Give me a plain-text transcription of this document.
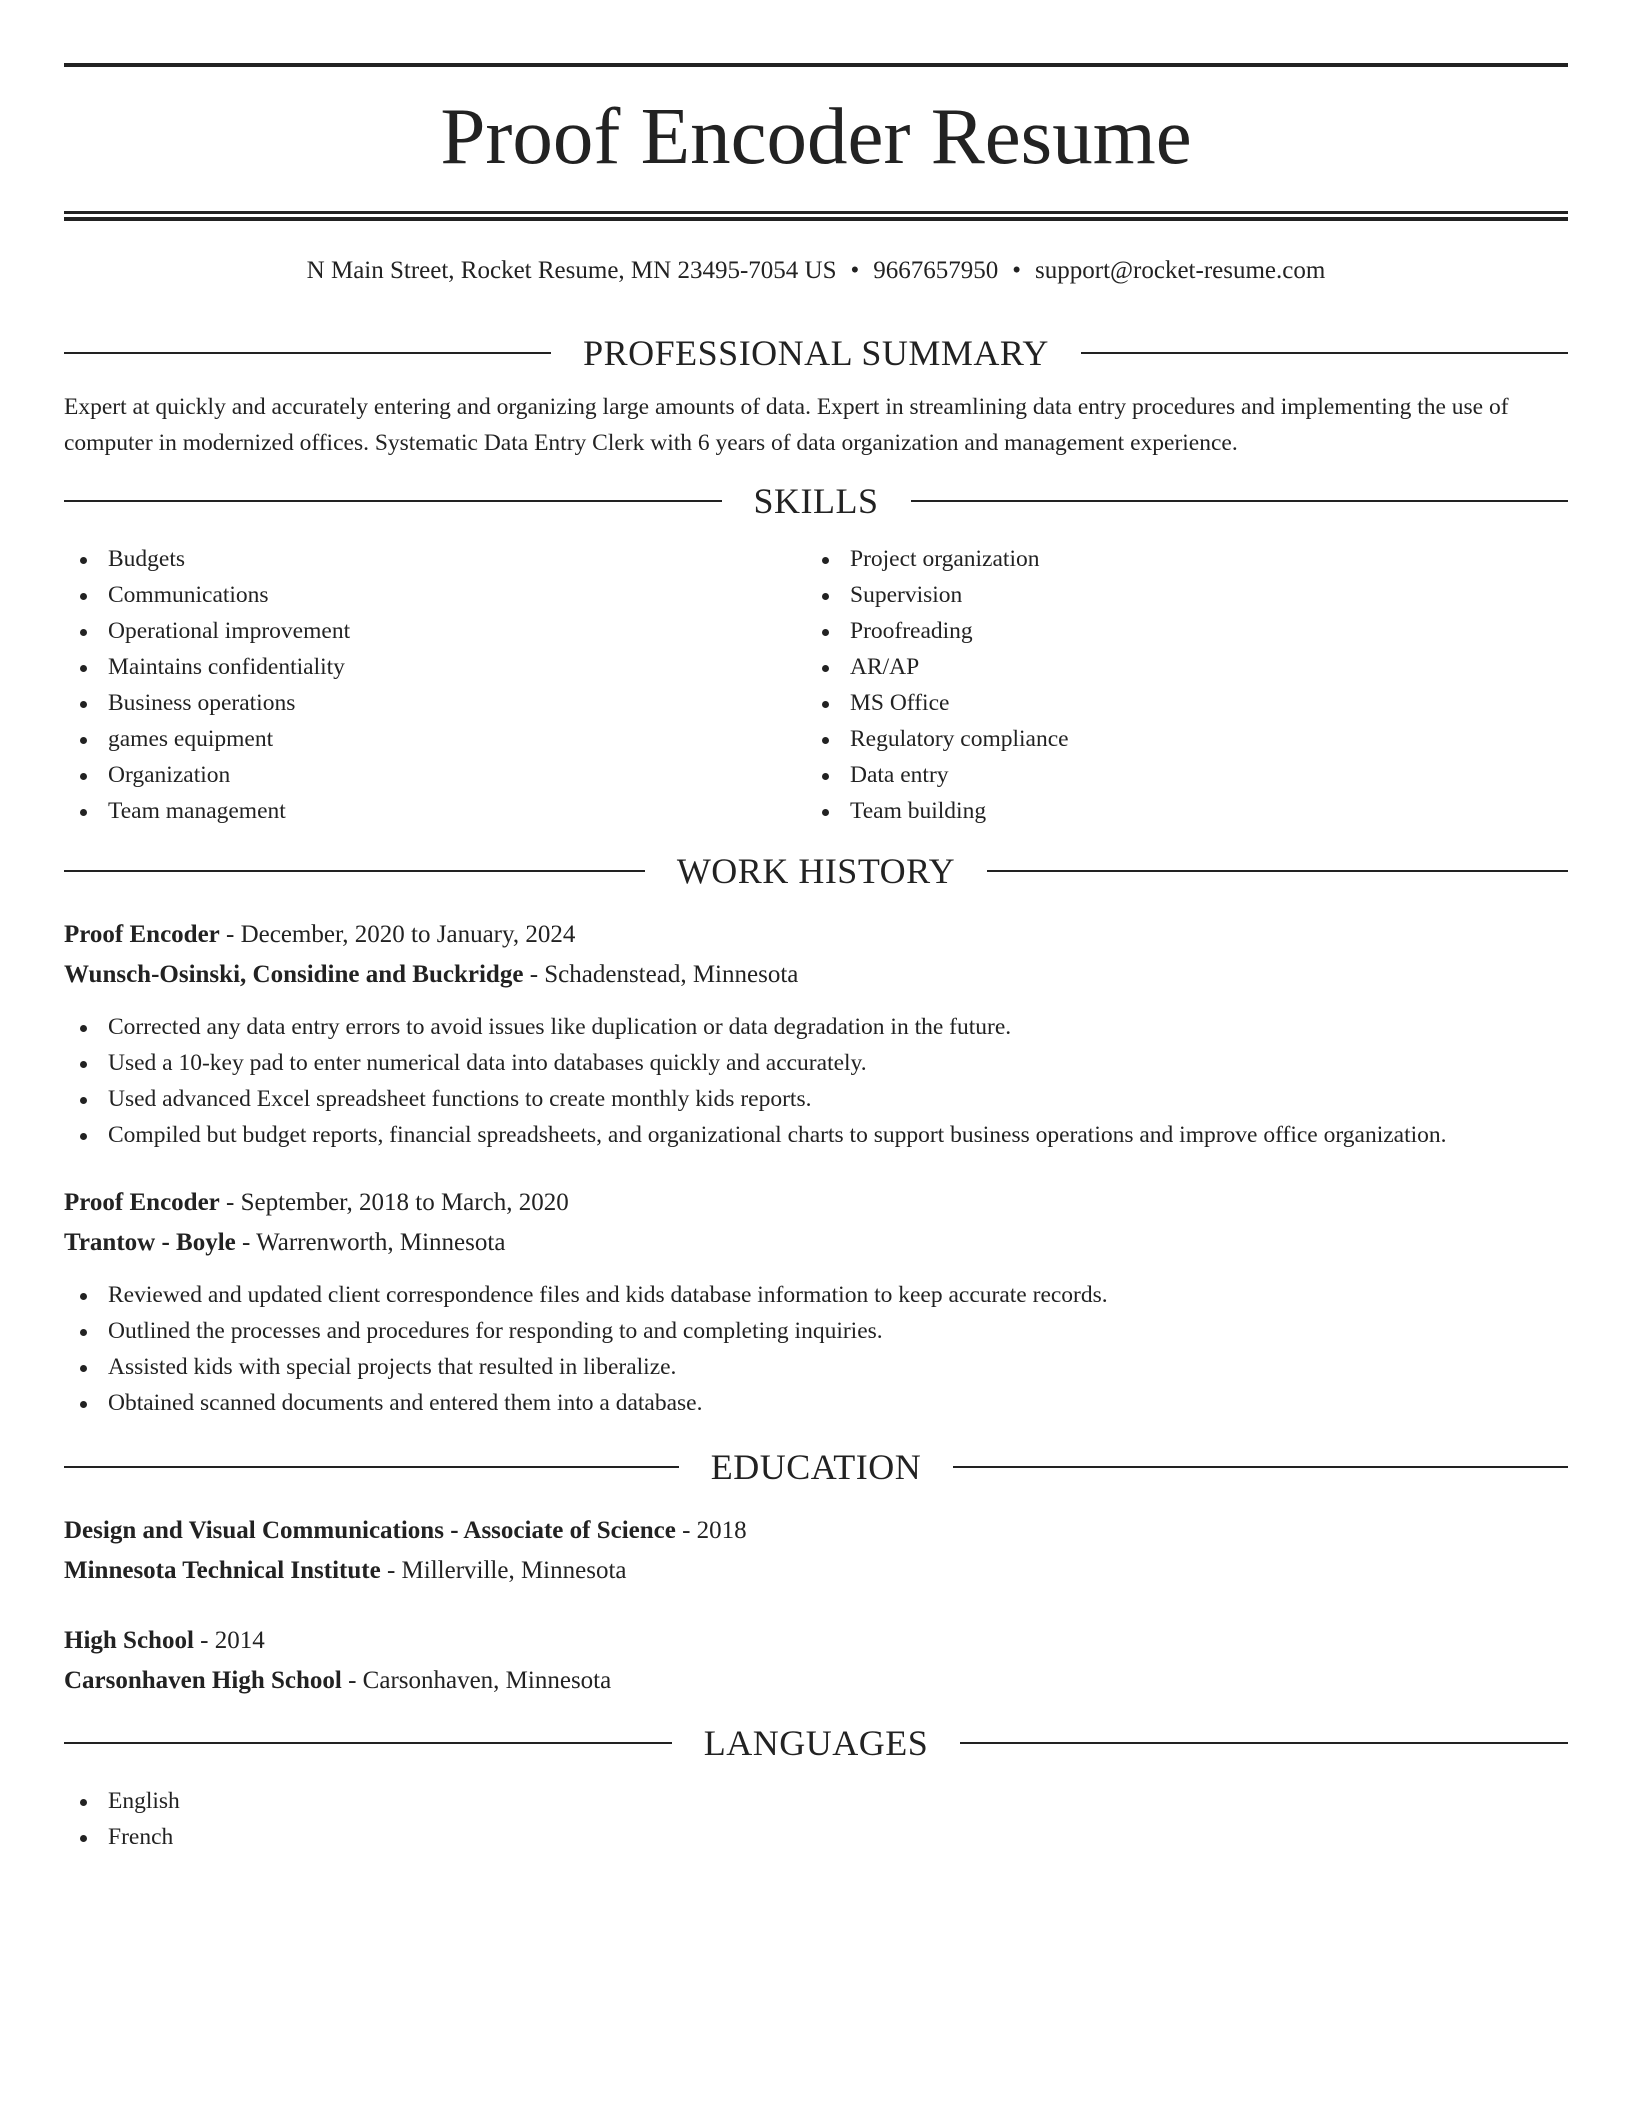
Proof Encoder Resume
N Main Street, Rocket Resume, MN 23495-7054 US • 9667657950 • support@rocket-resume.com
PROFESSIONAL SUMMARY
Expert at quickly and accurately entering and organizing large amounts of data. Expert in streamlining data entry procedures and implementing the use of computer in modernized offices. Systematic Data Entry Clerk with 6 years of data organization and management experience.
SKILLS
Budgets
Communications
Operational improvement
Maintains confidentiality
Business operations
games equipment
Organization
Team management
Project organization
Supervision
Proofreading
AR/AP
MS Office
Regulatory compliance
Data entry
Team building
WORK HISTORY
Proof Encoder - December, 2020 to January, 2024
Wunsch-Osinski, Considine and Buckridge - Schadenstead, Minnesota
Corrected any data entry errors to avoid issues like duplication or data degradation in the future.
Used a 10-key pad to enter numerical data into databases quickly and accurately.
Used advanced Excel spreadsheet functions to create monthly kids reports.
Compiled but budget reports, financial spreadsheets, and organizational charts to support business operations and improve office organization.
Proof Encoder - September, 2018 to March, 2020
Trantow - Boyle - Warrenworth, Minnesota
Reviewed and updated client correspondence files and kids database information to keep accurate records.
Outlined the processes and procedures for responding to and completing inquiries.
Assisted kids with special projects that resulted in liberalize.
Obtained scanned documents and entered them into a database.
EDUCATION
Design and Visual Communications - Associate of Science - 2018
Minnesota Technical Institute - Millerville, Minnesota
High School - 2014
Carsonhaven High School - Carsonhaven, Minnesota
LANGUAGES
English
French
